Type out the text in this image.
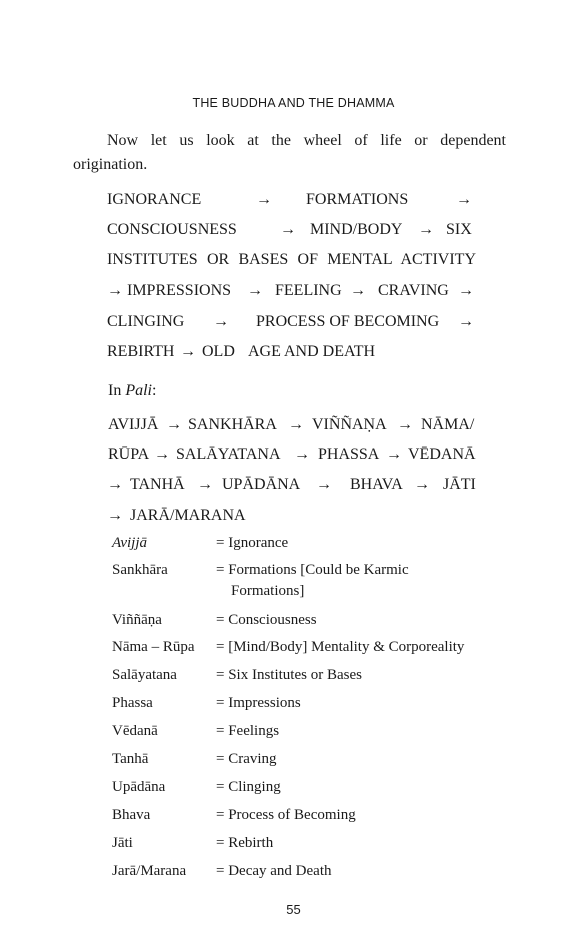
THE BUDDHA AND THE DHAMMA
Now let us look at the wheel of life or dependent
origination.
IGNORANCE	→ FORMATIONS	→
CONSCIOUSNESS	→ MIND/BODY → SIX
INSTITUTES OR BASES OF MENTAL ACTIVITY
→ IMPRESSIONS → FEELING → CRAVING →
CLINGING → PROCESS OF BECOMING →
REBIRTH → OLD AGE AND DEATH
In Pali:
AVIJJĀ → SANKHĀRA → VIÑÑAṆA → NĀMA/
RŪPA → SALĀYATANA → PHASSA → VĒDANĀ
→ TANHĀ → UPĀDĀNA → BHAVA → JĀTI
→ JARĀ/MARANA
Avijjā	= Ignorance
Sankhāra	= Formations [Could be Karmic
Formations]
Viññāṇa	= Consciousness
Nāma – Rūpa = [Mind/Body] Mentality & Corporeality
Salāyatana	= Six Institutes or Bases
Phassa	= Impressions
Vēdanā	= Feelings
Tanhā	= Craving
Upādāna	= Clinging
Bhava	= Process of Becoming
Jāti	= Rebirth
Jarā/Marana = Decay and Death
55
